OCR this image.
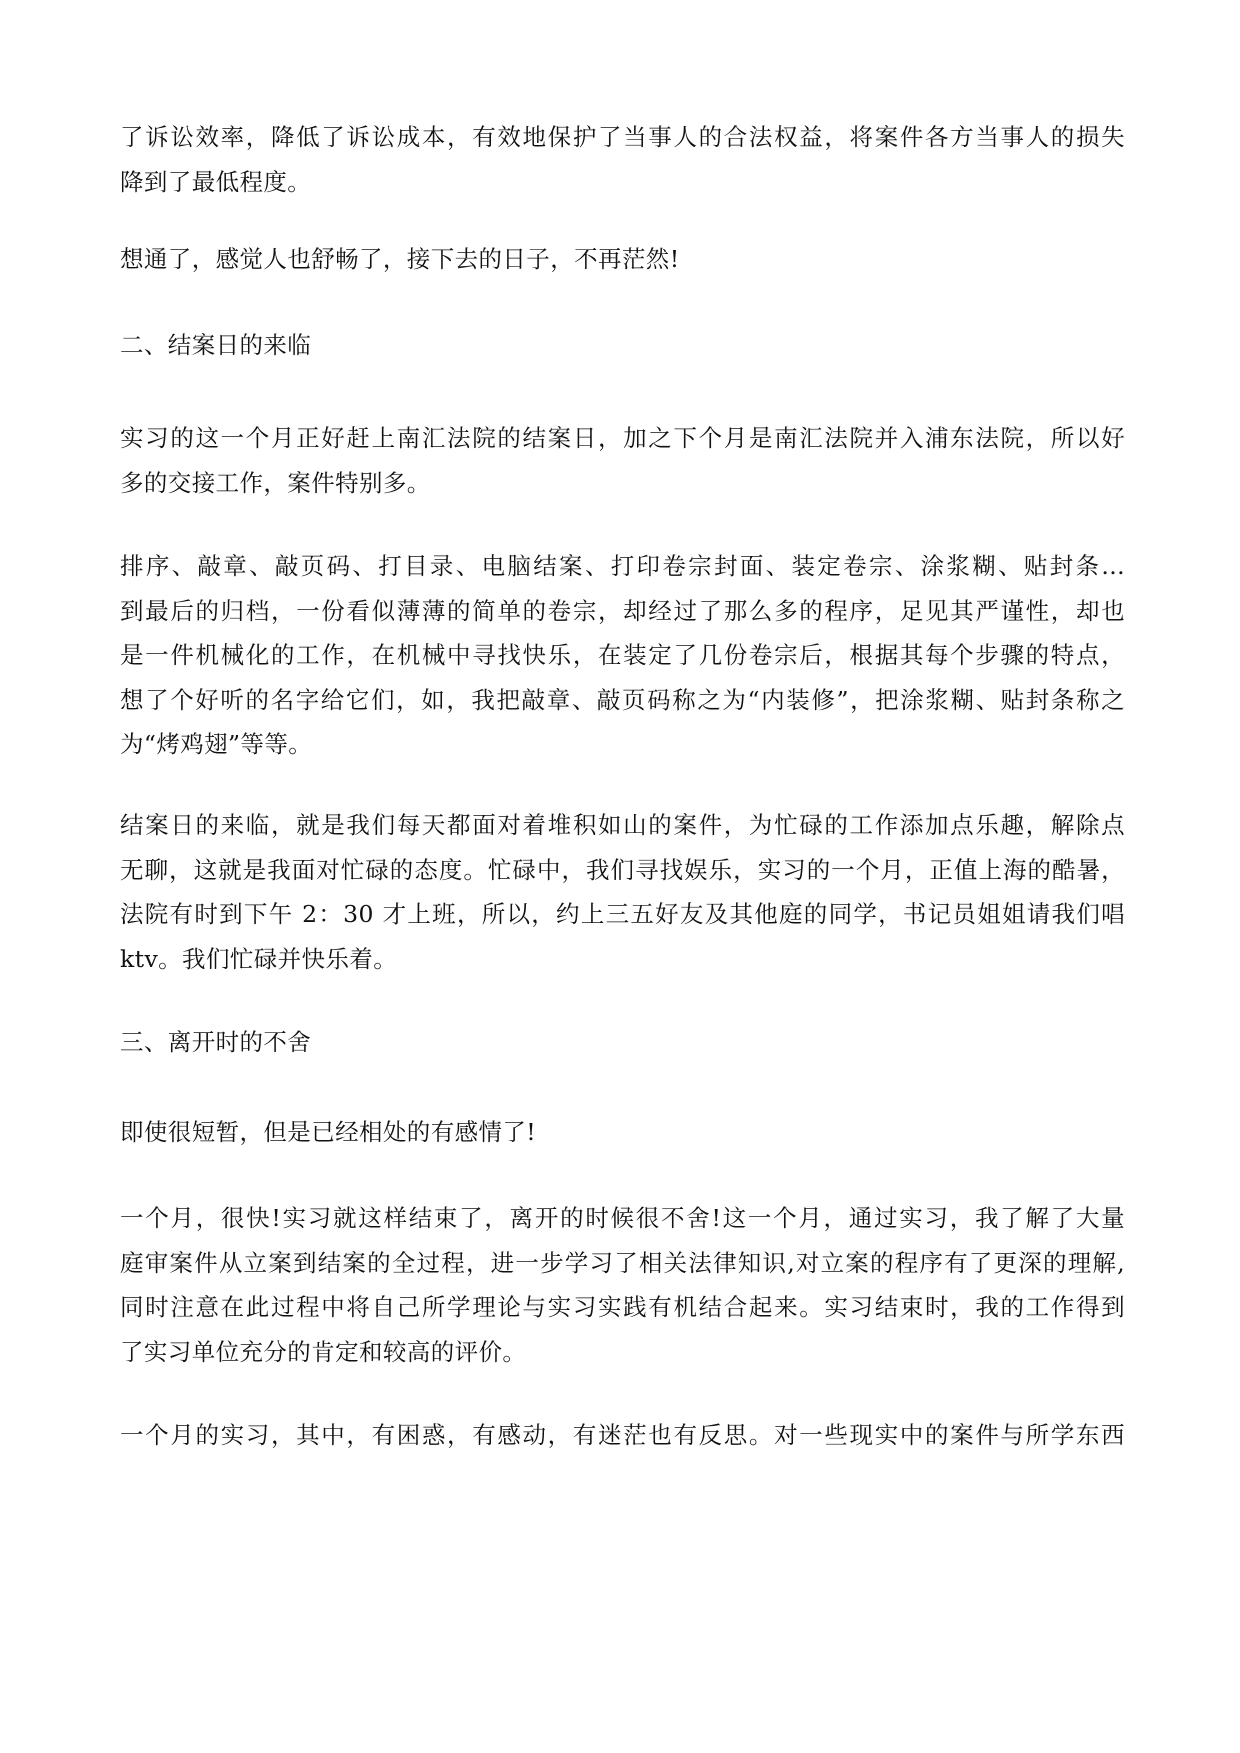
了诉讼效率，降低了诉讼成本，有效地保护了当事人的合法权益，将案件各方当事人的损失
降到了最低程度。

想通了，感觉人也舒畅了，接下去的日子，不再茫然!

二、结案日的来临

实习的这一个月正好赶上南汇法院的结案日，加之下个月是南汇法院并入浦东法院，所以好
多的交接工作，案件特别多。

排序、敲章、敲页码、打目录、电脑结案、打印卷宗封面、装定卷宗、涂浆糊、贴封条...
到最后的归档，一份看似薄薄的简单的卷宗，却经过了那么多的程序，足见其严谨性，却也
是一件机械化的工作，在机械中寻找快乐，在装定了几份卷宗后，根据其每个步骤的特点，
想了个好听的名字给它们，如，我把敲章、敲页码称之为“内装修”，把涂浆糊、贴封条称之
为“烤鸡翅”等等。

结案日的来临，就是我们每天都面对着堆积如山的案件，为忙碌的工作添加点乐趣，解除点
无聊，这就是我面对忙碌的态度。忙碌中，我们寻找娱乐，实习的一个月，正值上海的酷暑，
法院有时到下午 2：30 才上班，所以，约上三五好友及其他庭的同学，书记员姐姐请我们唱
ktv。我们忙碌并快乐着。

三、离开时的不舍

即使很短暂，但是已经相处的有感情了!

一个月，很快!实习就这样结束了，离开的时候很不舍!这一个月，通过实习，我了解了大量
庭审案件从立案到结案的全过程，进一步学习了相关法律知识,对立案的程序有了更深的理解,
同时注意在此过程中将自己所学理论与实习实践有机结合起来。实习结束时，我的工作得到
了实习单位充分的肯定和较高的评价。

一个月的实习，其中，有困惑，有感动，有迷茫也有反思。对一些现实中的案件与所学东西
